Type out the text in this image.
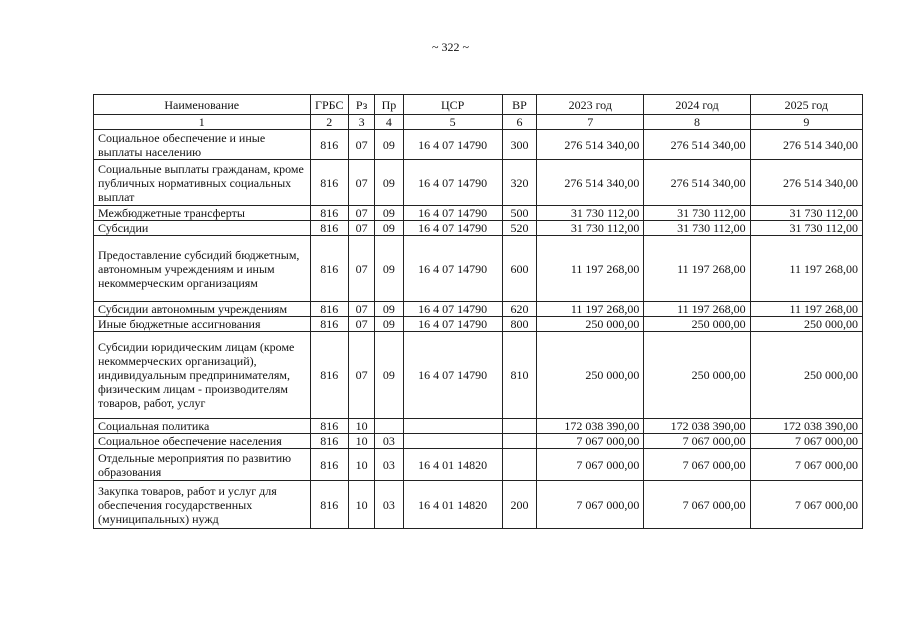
~ 322 ~
Наименование	ГРБС	Рз	Пр	ЦСР	ВР	2023 год	2024 год	2025 год
1	2	3	4	5	6	7	8	9
Социальное обеспечение и иные выплаты населению	816	07	09	16 4 07 14790	300	276 514 340,00	276 514 340,00	276 514 340,00
Социальные выплаты гражданам, кроме публичных нормативных социальных выплат	816	07	09	16 4 07 14790	320	276 514 340,00	276 514 340,00	276 514 340,00
Межбюджетные трансферты	816	07	09	16 4 07 14790	500	31 730 112,00	31 730 112,00	31 730 112,00
Субсидии	816	07	09	16 4 07 14790	520	31 730 112,00	31 730 112,00	31 730 112,00
Предоставление субсидий бюджетным, автономным учреждениям и иным некоммерческим организациям	816	07	09	16 4 07 14790	600	11 197 268,00	11 197 268,00	11 197 268,00
Субсидии автономным учреждениям	816	07	09	16 4 07 14790	620	11 197 268,00	11 197 268,00	11 197 268,00
Иные бюджетные ассигнования	816	07	09	16 4 07 14790	800	250 000,00	250 000,00	250 000,00
Субсидии юридическим лицам (кроме некоммерческих организаций), индивидуальным предпринимателям, физическим лицам - производителям товаров, работ, услуг	816	07	09	16 4 07 14790	810	250 000,00	250 000,00	250 000,00
Социальная политика	816	10				172 038 390,00	172 038 390,00	172 038 390,00
Социальное обеспечение населения	816	10	03			7 067 000,00	7 067 000,00	7 067 000,00
Отдельные мероприятия по развитию образования	816	10	03	16 4 01 14820		7 067 000,00	7 067 000,00	7 067 000,00
Закупка товаров, работ и услуг для обеспечения государственных (муниципальных) нужд	816	10	03	16 4 01 14820	200	7 067 000,00	7 067 000,00	7 067 000,00
